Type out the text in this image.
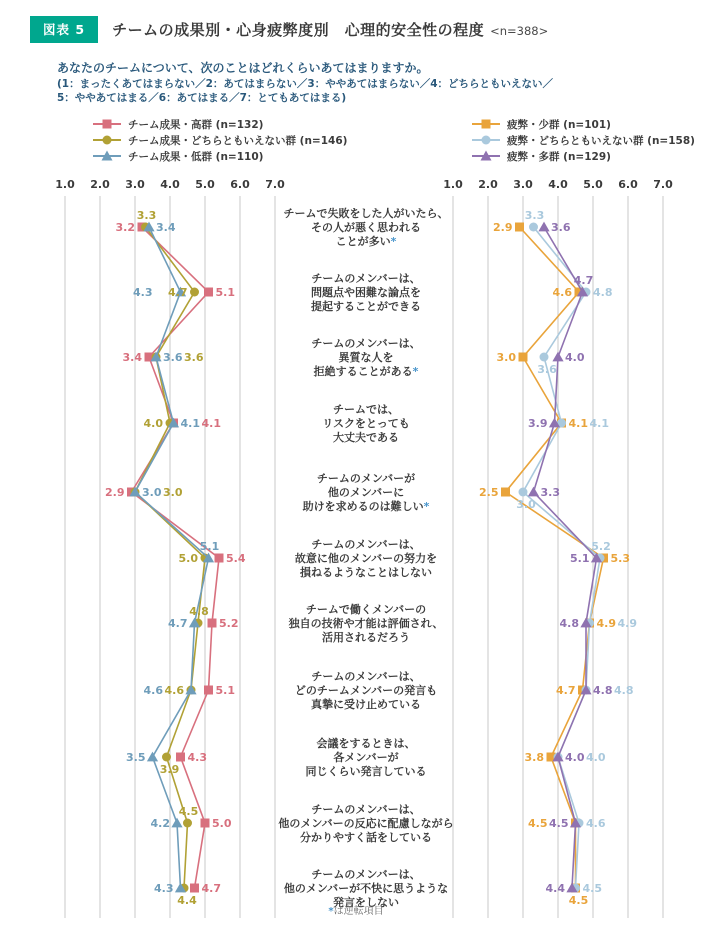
図表 5	チームの成果別・心身疲弊度別　心理的安全性の程度 <n=388>
あなたのチームについて、次のことはどれくらいあてはまりますか。
(1：まったくあてはまらない／2：あてはまらない／3：ややあてはまらない／4：どちらともいえない／
5：ややあてはまる／6：あてはまる／7：とてもあてはまる)
チーム成果・高群 (n=132)
チーム成果・どちらともいえない群 (n=146)
チーム成果・低群 (n=110)
疲弊・少群 (n=101)
疲弊・どちらともいえない群 (n=158)
疲弊・多群 (n=129)
1.0 2.0 3.0 4.0 5.0 6.0 7.0	1.0 2.0 3.0 4.0 5.0 6.0 7.0
3.2
5.1
3.4
4.1
2.9
5.4
5.2
5.1
4.3
5.0
4.7
3.3
4.7
3.6
4.0
3.0
5.0
4.8
4.6
3.9
4.5
4.4
3.4
4.3
3.6
4.1
3.0
5.1
4.7
4.6
3.5
4.2
4.3
2.9
4.6
3.0
4.1
2.5
5.3
4.9
4.7
3.8
4.5
4.5
3.3
4.8
3.6
4.1
3.0
5.2
4.9
4.8
4.0
4.6
4.5
3.6
4.7
4.0
3.9
3.3
5.1
4.8
4.8
4.0
4.5
4.4
チームで失敗をした人がいたら、
その人が悪く思われる
ことが多い*
チームのメンバーは、
問題点や困難な論点を
提起することができる
チームのメンバーは、
異質な人を
拒絶することがある*
チームでは、
リスクをとっても
大丈夫である
チームのメンバーが
他のメンバーに
助けを求めるのは難しい*
チームのメンバーは、
故意に他のメンバーの努力を
損ねるようなことはしない
チームで働くメンバーの
独自の技術や才能は評価され、
活用されるだろう
チームのメンバーは、
どのチームメンバーの発言も
真摯に受け止めている
会議をするときは、
各メンバーが
同じくらい発言している
チームのメンバーは、
他のメンバーの反応に配慮しながら
分かりやすく話をしている
チームのメンバーは、
他のメンバーが不快に思うような
発言をしない
*は逆転項目
